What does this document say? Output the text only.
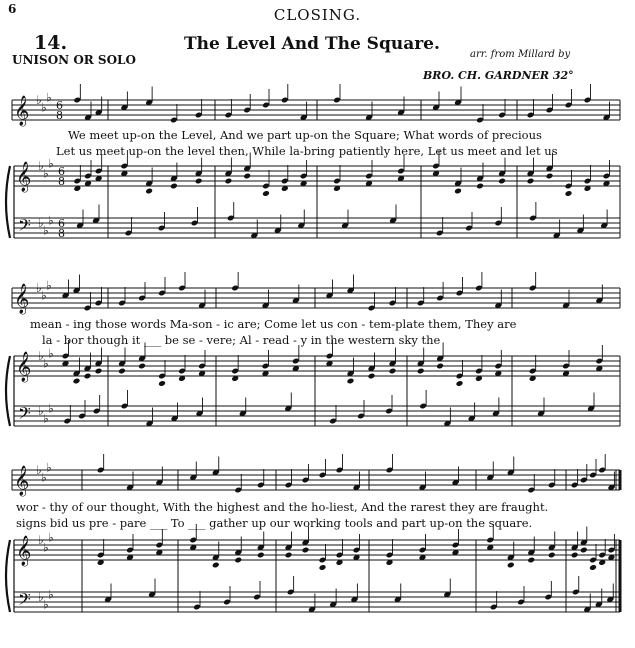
6	CLOSING.
14.	The Level And The Square.
UNISON OR SOLO	arr. from Millard by
BRO. CH. GARDNER 32°
𝄞
𝄞
𝄢
♭
♭
♭
♭
♭
♭
♭
♭
♭
6
8
6
8
6
8
𝄞
𝄞
𝄢
♭
♭
♭
♭
♭
♭
♭
♭
♭
𝄞
𝄞
𝄢
♭
♭
♭
♭
♭
♭
♭
♭
♭
We meet up-on the Level, And we part up-on the Square; What words of precious
Let us meet up-on the level then, While la-bring patiently here, Let us meet and let us
mean - ing those words Ma-son - ic are; Come let us con - tem-plate them, They are
la - bor though it ___ be se - vere; Al - read - y in the western sky the
wor - thy of our thought, With the highest and the ho-liest, And the rarest they are fraught.
signs bid us pre - pare ___ To ___ gather up our working tools and part up-on the square.
